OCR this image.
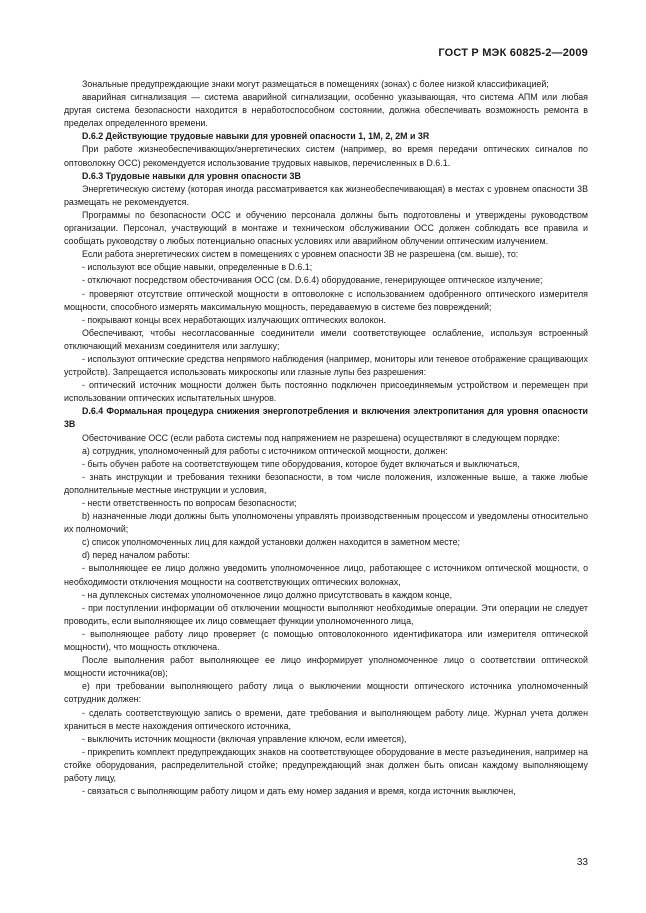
ГОСТ Р МЭК 60825-2—2009

Зональные предупреждающие знаки могут размещаться в помещениях (зонах) с более низкой классификацией;

аварийная сигнализация — система аварийной сигнализации, особенно указывающая, что система АПМ или любая другая система безопасности находится в неработоспособном состоянии, должна обеспечивать возможность ремонта в пределах определенного времени.

D.6.2 Действующие трудовые навыки для уровней опасности 1, 1М, 2, 2М и 3R

При работе жизнеобеспечивающих/энергетических систем (например, во время передачи оптических сигналов по оптоволокну ОСС) рекомендуется использование трудовых навыков, перечисленных в D.6.1.

D.6.3 Трудовые навыки для уровня опасности 3В

Энергетическую систему (которая иногда рассматривается как жизнеобеспечивающая) в местах с уровнем опасности 3В размещать не рекомендуется.

Программы по безопасности ОСС и обучению персонала должны быть подготовлены и утверждены руководством организации. Персонал, участвующий в монтаже и техническом обслуживании ОСС должен соблюдать все правила и сообщать руководству о любых потенциально опасных условиях или аварийном облучении оптическим излучением.

Если работа энергетических систем в помещениях с уровнем опасности 3В не разрешена (см. выше), то:

- используют все общие навыки, определенные в D.6.1;

- отключают посредством обесточивания ОСС (см. D.6.4) оборудование, генерирующее оптическое излучение;

- проверяют отсутствие оптической мощности в оптоволокне с использованием одобренного оптического измерителя мощности, способного измерять максимальную мощность, передаваемую в системе без повреждений;

- покрывают концы всех неработающих излучающих оптических волокон.

Обеспечивают, чтобы несогласованные соединители имели соответствующее ослабление, используя встроенный отключающий механизм соединителя или заглушку;

- используют оптические средства непрямого наблюдения (например, мониторы или теневое отображение сращивающих устройств). Запрещается использовать микроскопы или глазные лупы без разрешения:

- оптический источник мощности должен быть постоянно подключен присоединяемым устройством и перемещен при использовании оптических испытательных шнуров.

D.6.4 Формальная процедура снижения энергопотребления и включения электропитания для уровня опасности 3В

Обесточивание ОСС (если работа системы под напряжением не разрешена) осуществляют в следующем порядке:

а) сотрудник, уполномоченный для работы с источником оптической мощности, должен:

- быть обучен работе на соответствующем типе оборудования, которое будет включаться и выключаться,

- знать инструкции и требования техники безопасности, в том числе положения, изложенные выше, а также любые дополнительные местные инструкции и условия,

- нести ответственность по вопросам безопасности;

b) назначенные люди должны быть уполномочены управлять производственным процессом и уведомлены относительно их полномочий;

c) список уполномоченных лиц для каждой установки должен находится в заметном месте;

d) перед началом работы:

- выполняющее ее лицо должно уведомить уполномоченное лицо, работающее с источником оптической мощности, о необходимости отключения мощности на соответствующих оптических волокнах,

- на дуплексных системах уполномоченное лицо должно присутствовать в каждом конце,

- при поступлении информации об отключении мощности выполняют необходимые операции. Эти операции не следует проводить, если выполняющее их лицо совмещает функции уполномоченного лица,

- выполняющее работу лицо проверяет (с помощью оптоволоконного идентификатора или измерителя оптической мощности), что мощность отключена.

После выполнения работ выполняющее ее лицо информирует уполномоченное лицо о соответствии оптической мощности источника(ов);

e) при требовании выполняющего работу лица о выключении мощности оптического источника уполномоченный сотрудник должен:

- сделать соответствующую запись о времени, дате требования и выполняющем работу лице. Журнал учета должен храниться в месте нахождения оптического источника,

- выключить источник мощности (включая управление ключом, если имеется),

- прикрепить комплект предупреждающих знаков на соответствующее оборудование в месте разъединения, например на стойке оборудования, распределительной стойке; предупреждающий знак должен быть описан каждому выполняющему работу лицу,

- связаться с выполняющим работу лицом и дать ему номер задания и время, когда источник выключен,

33
